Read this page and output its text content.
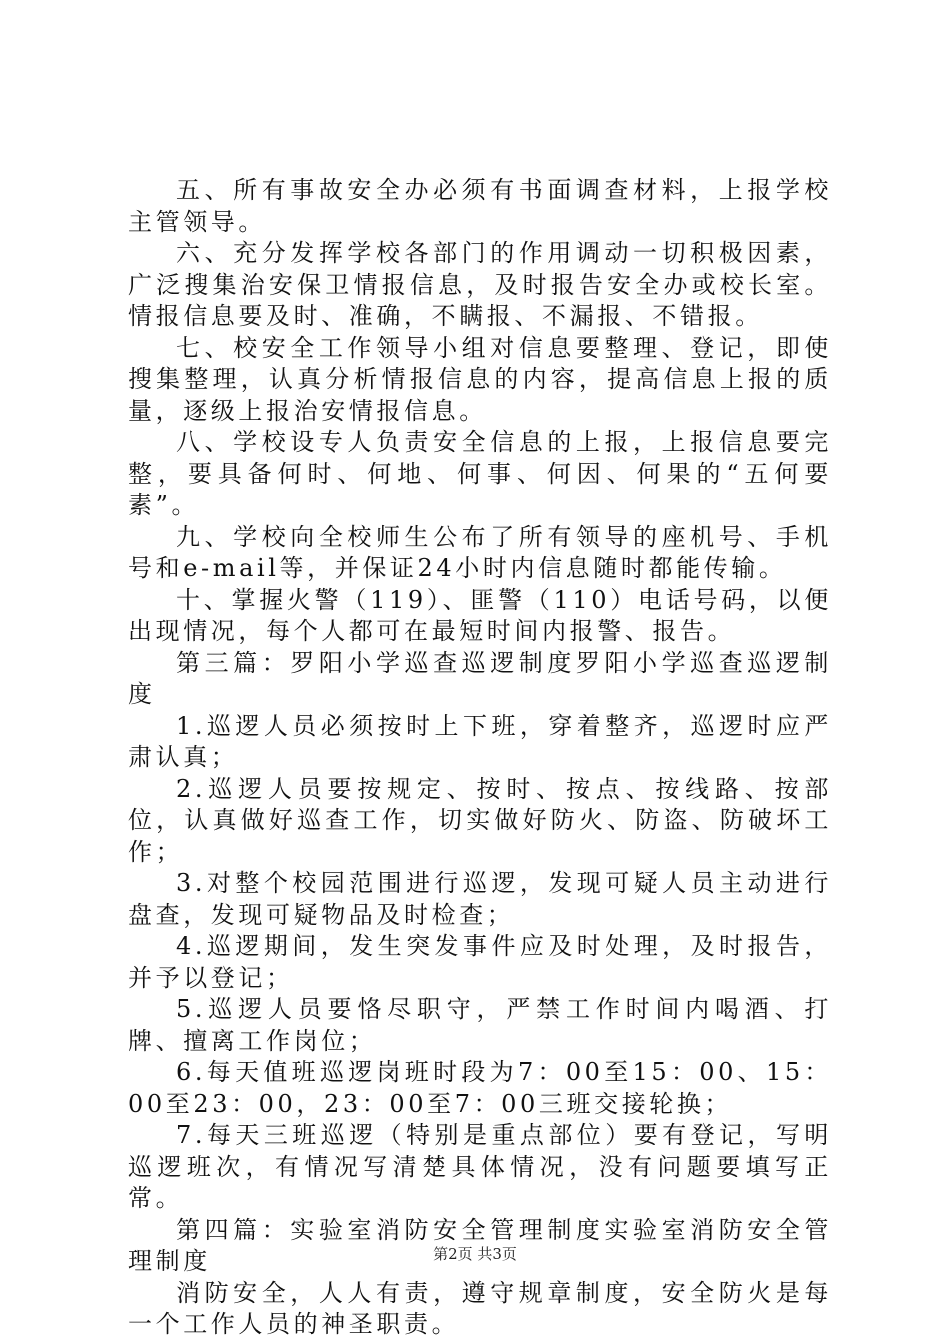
五、所有事故安全办必须有书面调查材料，上报学校主管领导。

六、充分发挥学校各部门的作用调动一切积极因素，广泛搜集治安保卫情报信息，及时报告安全办或校长室。情报信息要及时、准确，不瞒报、不漏报、不错报。

七、校安全工作领导小组对信息要整理、登记，即使搜集整理，认真分析情报信息的内容，提高信息上报的质量，逐级上报治安情报信息。

八、学校设专人负责安全信息的上报，上报信息要完整，要具备何时、何地、何事、何因、何果的“五何要素”。

九、学校向全校师生公布了所有领导的座机号、手机号和e-mail等，并保证24小时内信息随时都能传输。

十、掌握火警（119）、匪警（110）电话号码，以便出现情况，每个人都可在最短时间内报警、报告。

第三篇：罗阳小学巡查巡逻制度罗阳小学巡查巡逻制度

1.巡逻人员必须按时上下班，穿着整齐，巡逻时应严肃认真；

2.巡逻人员要按规定、按时、按点、按线路、按部位，认真做好巡查工作，切实做好防火、防盗、防破坏工作；

3.对整个校园范围进行巡逻，发现可疑人员主动进行盘查，发现可疑物品及时检查；

4.巡逻期间，发生突发事件应及时处理，及时报告，并予以登记；

5.巡逻人员要恪尽职守，严禁工作时间内喝酒、打牌、擅离工作岗位；

6.每天值班巡逻岗班时段为7：00至15：00、15：00至23：00，23：00至7：00三班交接轮换；

7.每天三班巡逻（特别是重点部位）要有登记，写明巡逻班次，有情况写清楚具体情况，没有问题要填写正常。

第四篇：实验室消防安全管理制度实验室消防安全管理制度

消防安全，人人有责，遵守规章制度，安全防火是每一个工作人员的神圣职责。

第2页 共3页
